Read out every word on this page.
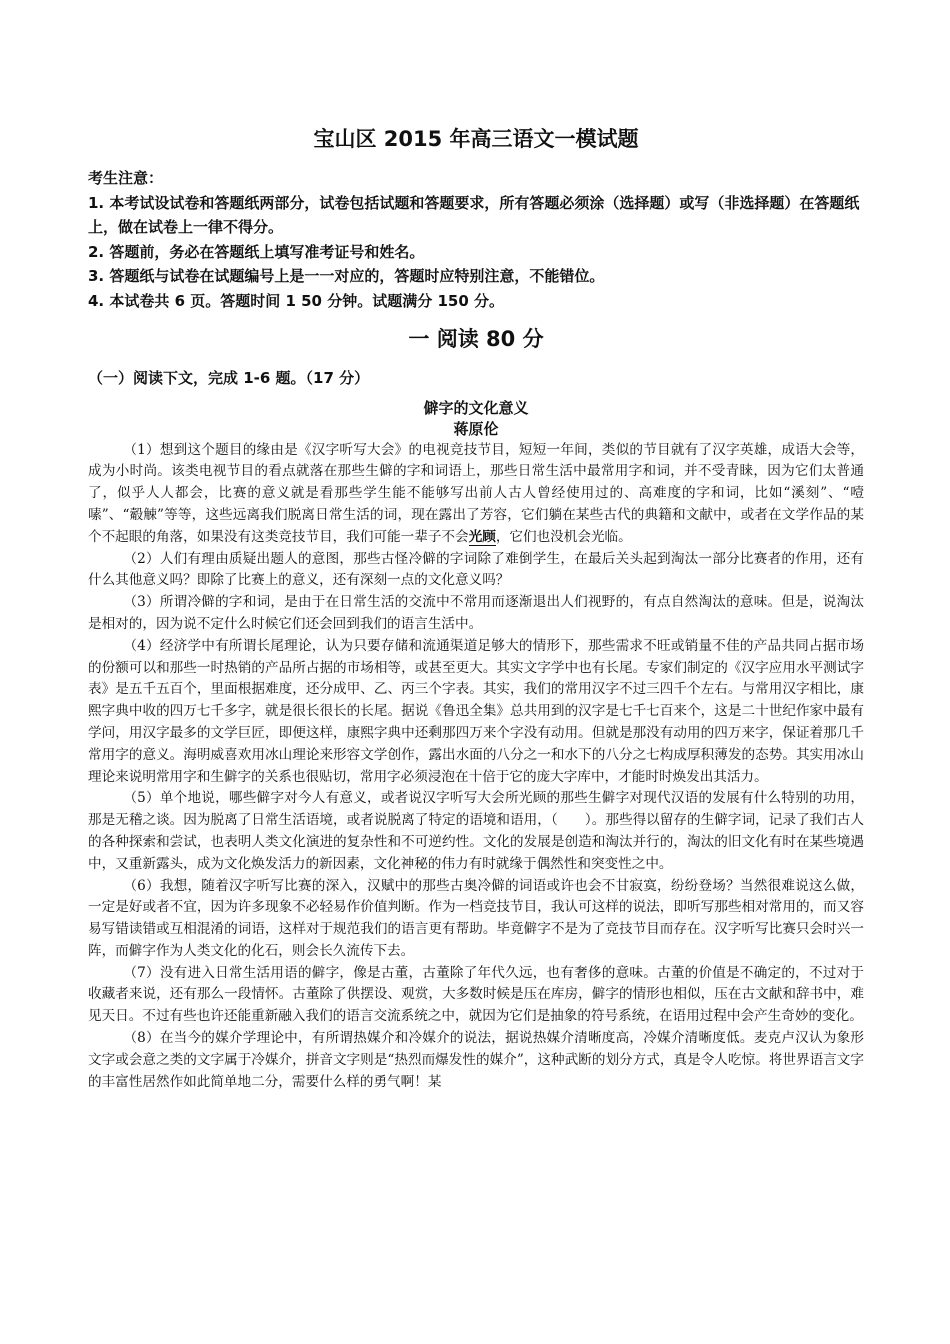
宝山区 2015 年高三语文一模试题

考生注意：

1. 本考试设试卷和答题纸两部分，试卷包括试题和答题要求，所有答题必须涂（选择题）或写（非选择题）在答题纸上，做在试卷上一律不得分。

2. 答题前，务必在答题纸上填写准考证号和姓名。

3. 答题纸与试卷在试题编号上是一一对应的，答题时应特别注意，不能错位。

4. 本试卷共 6 页。答题时间 1 50 分钟。试题满分 150 分。

一 阅读 80 分
（一）阅读下文，完成 1-6 题。（17 分）
僻字的文化意义
蒋原伦

（1）想到这个题目的缘由是《汉字听写大会》的电视竞技节目，短短一年间，类似的节目就有了汉字英雄，成语大会等，成为小时尚。该类电视节目的看点就落在那些生僻的字和词语上，那些日常生活中最常用字和词，并不受青睐，因为它们太普通了，似乎人人都会，比赛的意义就是看那些学生能不能够写出前人古人曾经使用过的、高难度的字和词，比如“溪刻”、“噎嗉”、“觳觫”等等，这些远离我们脱离日常生活的词，现在露出了芳容，它们躺在某些古代的典籍和文献中，或者在文学作品的某个不起眼的角落，如果没有这类竞技节目，我们可能一辈子不会光顾，它们也没机会光临。

（2）人们有理由质疑出题人的意图，那些古怪冷僻的字词除了难倒学生，在最后关头起到淘汰一部分比赛者的作用，还有什么其他意义吗？即除了比赛上的意义，还有深刻一点的文化意义吗？

（3）所谓冷僻的字和词，是由于在日常生活的交流中不常用而逐渐退出人们视野的，有点自然淘汰的意味。但是，说淘汰是相对的，因为说不定什么时候它们还会回到我们的语言生活中。

（4）经济学中有所谓长尾理论，认为只要存储和流通渠道足够大的情形下，那些需求不旺或销量不佳的产品共同占据市场的份额可以和那些一时热销的产品所占据的市场相等，或甚至更大。其实文字学中也有长尾。专家们制定的《汉字应用水平测试字表》是五千五百个，里面根据难度，还分成甲、乙、丙三个字表。其实，我们的常用汉字不过三四千个左右。与常用汉字相比，康熙字典中收的四万七千多字，就是很长很长的长尾。据说《鲁迅全集》总共用到的汉字是七千七百来个，这是二十世纪作家中最有学问，用汉字最多的文学巨匠，即便这样，康熙字典中还剩那四万来个字没有动用。但就是那没有动用的四万来字，保证着那几千常用字的意义。海明威喜欢用冰山理论来形容文学创作，露出水面的八分之一和水下的八分之七构成厚积薄发的态势。其实用冰山理论来说明常用字和生僻字的关系也很贴切，常用字必须浸泡在十倍于它的庞大字库中，才能时时焕发出其活力。

（5）单个地说，哪些僻字对今人有意义，或者说汉字听写大会所光顾的那些生僻字对现代汉语的发展有什么特别的功用，那是无稽之谈。因为脱离了日常生活语境，或者说脱离了特定的语境和语用，（　　）。那些得以留存的生僻字词，记录了我们古人的各种探索和尝试，也表明人类文化演进的复杂性和不可逆约性。文化的发展是创造和淘汰并行的，淘汰的旧文化有时在某些境遇中，又重新露头，成为文化焕发活力的新因素，文化神秘的伟力有时就缘于偶然性和突变性之中。

（6）我想，随着汉字听写比赛的深入，汉赋中的那些古奥冷僻的词语或许也会不甘寂寞，纷纷登场？当然很难说这么做，一定是好或者不宜，因为许多现象不必轻易作价值判断。作为一档竞技节目，我认可这样的说法，即听写那些相对常用的，而又容易写错读错或互相混淆的词语，这样对于规范我们的语言更有帮助。毕竟僻字不是为了竞技节目而存在。汉字听写比赛只会时兴一阵，而僻字作为人类文化的化石，则会长久流传下去。

（7）没有进入日常生活用语的僻字，像是古董，古董除了年代久远，也有奢侈的意味。古董的价值是不确定的，不过对于收藏者来说，还有那么一段情怀。古董除了供摆设、观赏，大多数时候是压在库房，僻字的情形也相似，压在古文献和辞书中，难见天日。不过有些也许还能重新融入我们的语言交流系统之中，就因为它们是抽象的符号系统，在语用过程中会产生奇妙的变化。

（8）在当今的媒介学理论中，有所谓热媒介和冷媒介的说法，据说热媒介清晰度高，冷媒介清晰度低。麦克卢汉认为象形文字或会意之类的文字属于冷媒介，拼音文字则是“热烈而爆发性的媒介”，这种武断的划分方式，真是令人吃惊。将世界语言文字的丰富性居然作如此简单地二分，需要什么样的勇气啊！某
